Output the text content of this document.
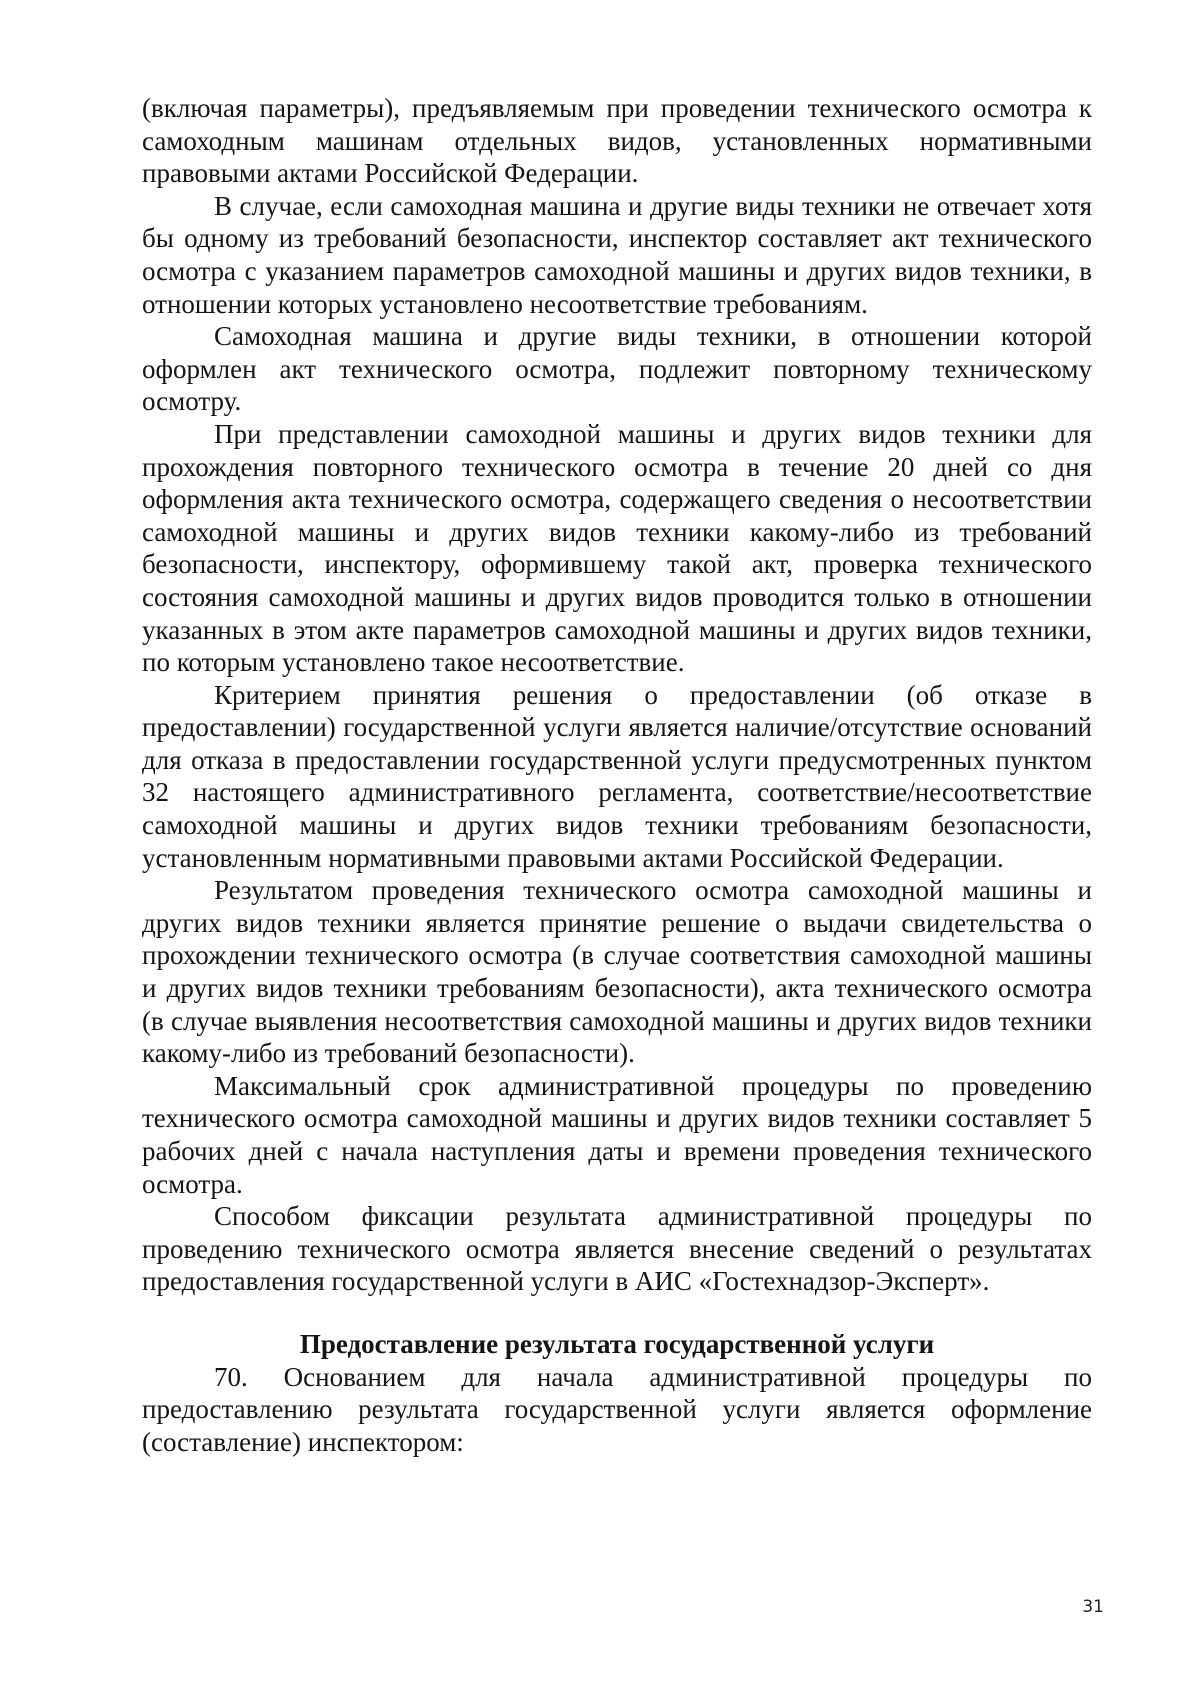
(включая параметры), предъявляемым при проведении технического осмотра к самоходным машинам отдельных видов, установленных нормативными правовыми актами Российской Федерации.

В случае, если самоходная машина и другие виды техники не отвечает хотя бы одному из требований безопасности, инспектор составляет акт технического осмотра с указанием параметров самоходной машины и других видов техники, в отношении которых установлено несоответствие требованиям.

Самоходная машина и другие виды техники, в отношении которой оформлен акт технического осмотра, подлежит повторному техническому осмотру.

При представлении самоходной машины и других видов техники для прохождения повторного технического осмотра в течение 20 дней со дня оформления акта технического осмотра, содержащего сведения о несоответствии самоходной машины и других видов техники какому-либо из требований безопасности, инспектору, оформившему такой акт, проверка технического состояния самоходной машины и других видов проводится только в отношении указанных в этом акте параметров самоходной машины и других видов техники, по которым установлено такое несоответствие.

Критерием принятия решения о предоставлении (об отказе в предоставлении) государственной услуги является наличие/отсутствие оснований для отказа в предоставлении государственной услуги предусмотренных пунктом 32 настоящего административного регламента, соответствие/несоответствие самоходной машины и других видов техники требованиям безопасности, установленным нормативными правовыми актами Российской Федерации.

Результатом проведения технического осмотра самоходной машины и других видов техники является принятие решение о выдачи свидетельства о прохождении технического осмотра (в случае соответствия самоходной машины и других видов техники требованиям безопасности), акта технического осмотра (в случае выявления несоответствия самоходной машины и других видов техники какому-либо из требований безопасности).

Максимальный срок административной процедуры по проведению технического осмотра самоходной машины и других видов техники составляет 5 рабочих дней с начала наступления даты и времени проведения технического осмотра.

Способом фиксации результата административной процедуры по проведению технического осмотра является внесение сведений о результатах предоставления государственной услуги в АИС «Гостехнадзор-Эксперт».

Предоставление результата государственной услуги

70. Основанием для начала административной процедуры по предоставлению результата государственной услуги является оформление (составление) инспектором:

31
